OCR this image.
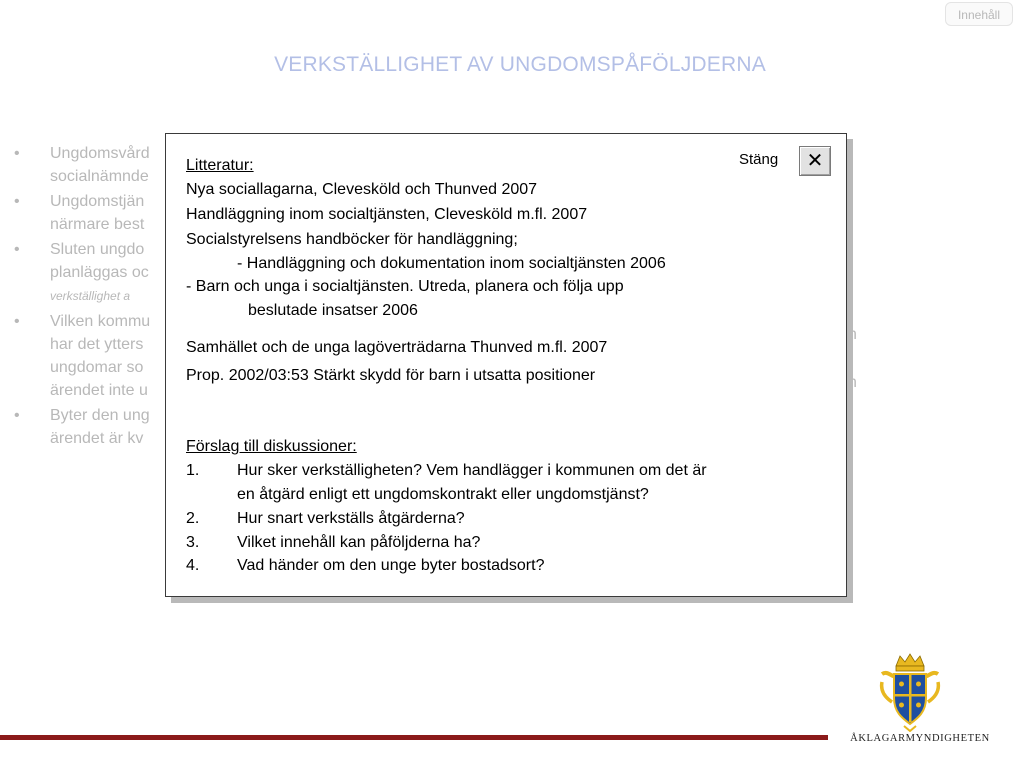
Innehåll
VERKSTÄLLIGHET AV UNGDOMSPÅFÖLJDERNA
• Ungdomsvård
socialnämnde
• Ungdomstjän
närmare best
• Sluten ungdo
planläggas oc
verkställighet a
• Vilken kommu
har det ytters
ungdomar so
ärendet inte u
• Byter den ung
ärendet är kv
n

n
Stäng	✕
Litteratur:
Nya sociallagarna, Clevesköld och Thunved 2007
Handläggning inom socialtjänsten, Clevesköld m.fl. 2007
Socialstyrelsens handböcker för handläggning;
- Handläggning och dokumentation inom socialtjänsten 2006
- Barn och unga i socialtjänsten. Utreda, planera och följa upp
beslutade insatser 2006
Samhället och de unga lagöverträdarna Thunved m.fl. 2007
Prop. 2002/03:53 Stärkt skydd för barn i utsatta positioner
Förslag till diskussioner:
1. Hur sker verkställigheten? Vem handlägger i kommunen om det är
en åtgärd enligt ett ungdomskontrakt eller ungdomstjänst?
2. Hur snart verkställs åtgärderna?
3. Vilket innehåll kan påföljderna ha?
4. Vad händer om den unge byter bostadsort?
ÅKLAGARMYNDIGHETEN
